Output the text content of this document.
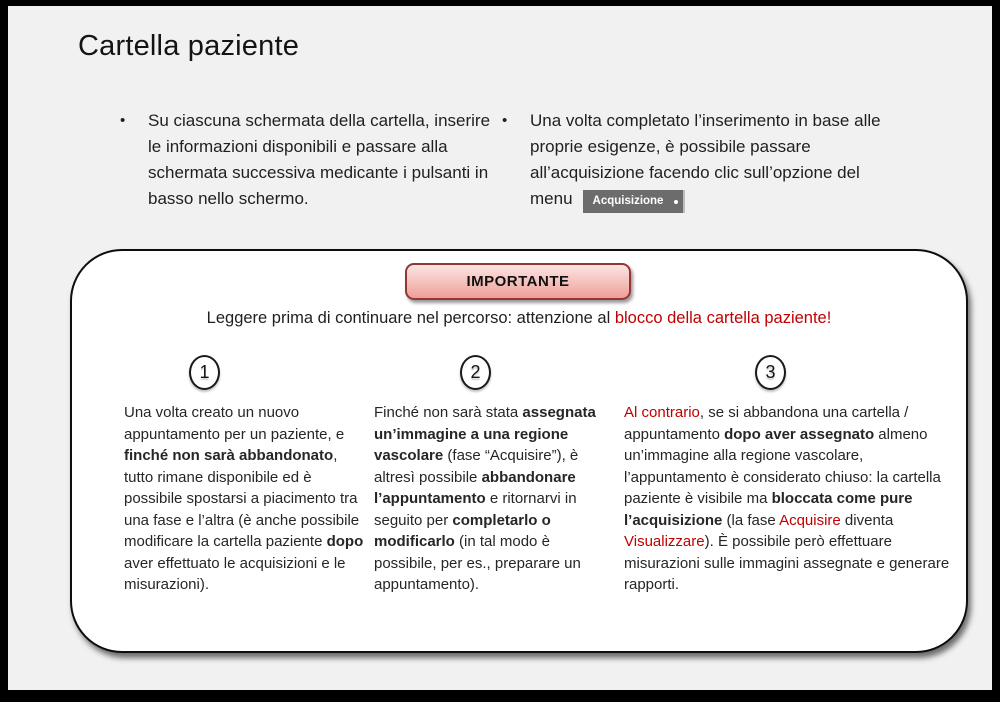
Cartella paziente
•	Su ciascuna schermata della cartella, inserire le informazioni disponibili e passare alla schermata successiva medicante i pulsanti in basso nello schermo.

•	Una volta completato l’inserimento in base alle proprie esigenze, è possibile passare all’acquisizione facendo clic sull’opzione del menu Acquisizione

IMPORTANTE

Leggere prima di continuare nel percorso: attenzione al blocco della cartella paziente!

1	2	3
Una volta creato un nuovo appuntamento per un paziente, e finché non sarà abbandonato, tutto rimane disponibile ed è possibile spostarsi a piacimento tra una fase e l’altra (è anche possibile modificare la cartella paziente dopo aver effettuato le acquisizioni e le misurazioni).
Finché non sarà stata assegnata un’immagine a una regione vascolare (fase “Acquisire”), è altresì possibile abbandonare l’appuntamento e ritornarvi in seguito per completarlo o modificarlo (in tal modo è possibile, per es., preparare un appuntamento).
Al contrario, se si abbandona una cartella / appuntamento dopo aver assegnato almeno un’immagine alla regione vascolare, l’appuntamento è considerato chiuso: la cartella paziente è visibile ma bloccata come pure l’acquisizione (la fase Acquisire diventa Visualizzare). È possibile però effettuare misurazioni sulle immagini assegnate e generare rapporti.
